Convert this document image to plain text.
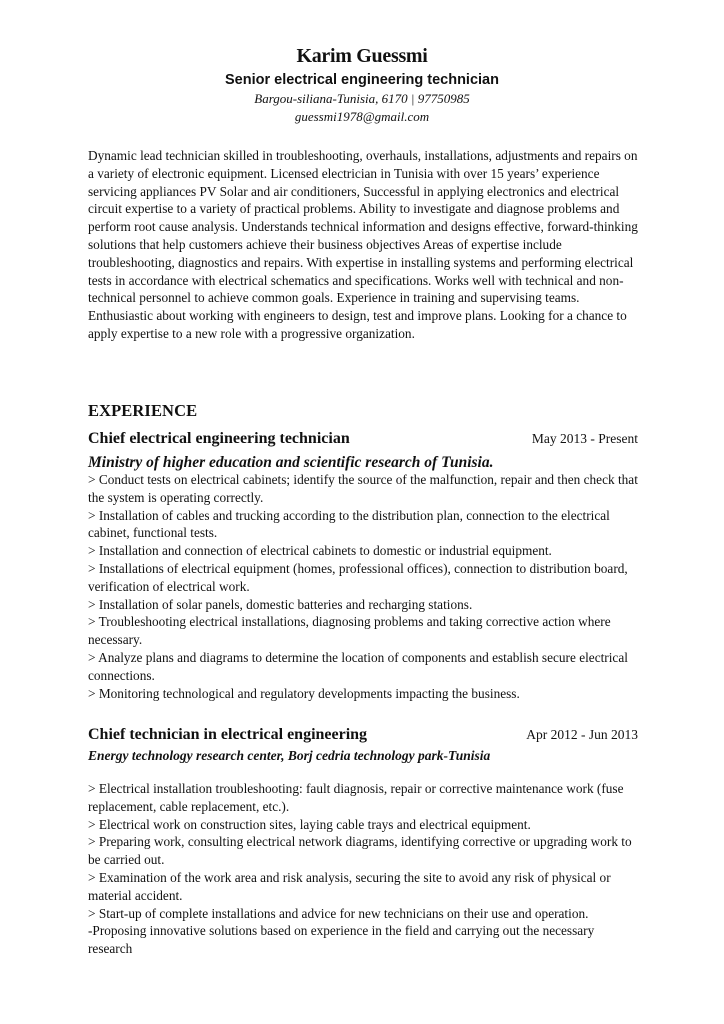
Karim Guessmi
Senior electrical engineering technician
Bargou-siliana-Tunisia, 6170 | 97750985
guessmi1978@gmail.com
Dynamic lead technician skilled in troubleshooting, overhauls, installations, adjustments and repairs on a variety of electronic equipment. Licensed electrician in Tunisia with over 15 years’ experience servicing appliances PV Solar and air conditioners, Successful in applying electronics and electrical circuit expertise to a variety of practical problems. Ability to investigate and diagnose problems and perform root cause analysis. Understands technical information and designs effective, forward-thinking solutions that help customers achieve their business objectives Areas of expertise include troubleshooting, diagnostics and repairs. With expertise in installing systems and performing electrical tests in accordance with electrical schematics and specifications. Works well with technical and non-technical personnel to achieve common goals. Experience in training and supervising teams. Enthusiastic about working with engineers to design, test and improve plans. Looking for a chance to apply expertise to a new role with a progressive organization.
EXPERIENCE
Chief electrical engineering technician	May 2013 - Present
Ministry of higher education and scientific research of Tunisia.

> Conduct tests on electrical cabinets; identify the source of the malfunction, repair and then check that the system is operating correctly.

> Installation of cables and trucking according to the distribution plan, connection to the electrical cabinet, functional tests.

> Installation and connection of electrical cabinets to domestic or industrial equipment.

> Installations of electrical equipment (homes, professional offices), connection to distribution board, verification of electrical work.

> Installation of solar panels, domestic batteries and recharging stations.

> Troubleshooting electrical installations, diagnosing problems and taking corrective action where necessary.

> Analyze plans and diagrams to determine the location of components and establish secure electrical connections.

> Monitoring technological and regulatory developments impacting the business.

Chief technician in electrical engineering	Apr 2012 - Jun 2013
Energy technology research center, Borj cedria technology park-Tunisia

> Electrical installation troubleshooting: fault diagnosis, repair or corrective maintenance work (fuse replacement, cable replacement, etc.).

> Electrical work on construction sites, laying cable trays and electrical equipment.

> Preparing work, consulting electrical network diagrams, identifying corrective or upgrading work to be carried out.

> Examination of the work area and risk analysis, securing the site to avoid any risk of physical or material accident.

> Start-up of complete installations and advice for new technicians on their use and operation.

-Proposing innovative solutions based on experience in the field and carrying out the necessary research
